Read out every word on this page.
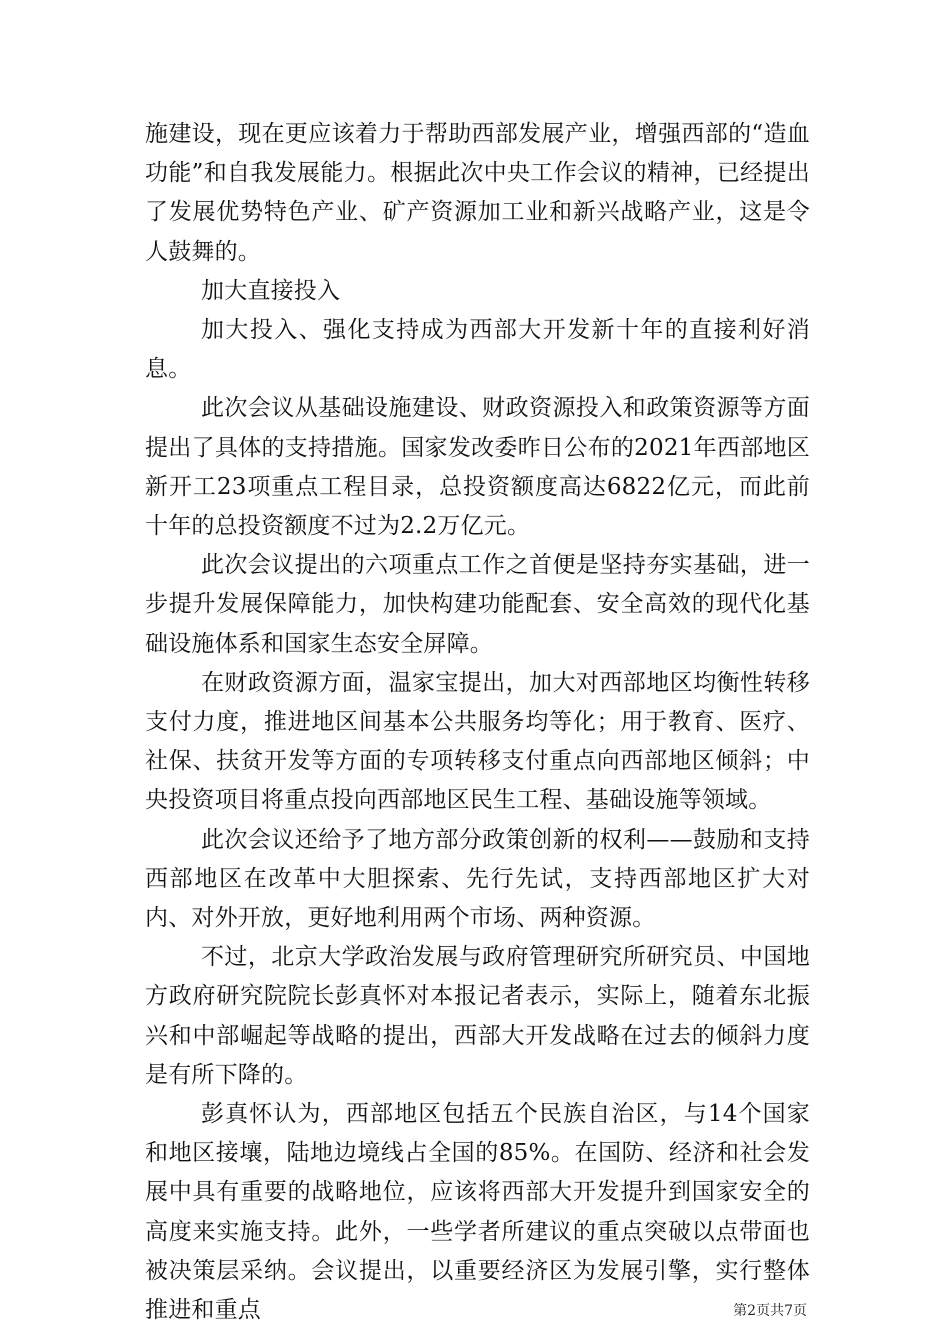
施建设，现在更应该着力于帮助西部发展产业，增强西部的“造血功能”和自我发展能力。根据此次中央工作会议的精神，已经提出了发展优势特色产业、矿产资源加工业和新兴战略产业，这是令人鼓舞的。

加大直接投入

加大投入、强化支持成为西部大开发新十年的直接利好消息。

此次会议从基础设施建设、财政资源投入和政策资源等方面提出了具体的支持措施。国家发改委昨日公布的2021年西部地区新开工23项重点工程目录，总投资额度高达6822亿元，而此前十年的总投资额度不过为2.2万亿元。

此次会议提出的六项重点工作之首便是坚持夯实基础，进一步提升发展保障能力，加快构建功能配套、安全高效的现代化基础设施体系和国家生态安全屏障。

在财政资源方面，温家宝提出，加大对西部地区均衡性转移支付力度，推进地区间基本公共服务均等化；用于教育、医疗、社保、扶贫开发等方面的专项转移支付重点向西部地区倾斜；中央投资项目将重点投向西部地区民生工程、基础设施等领域。

此次会议还给予了地方部分政策创新的权利——鼓励和支持西部地区在改革中大胆探索、先行先试，支持西部地区扩大对内、对外开放，更好地利用两个市场、两种资源。

不过，北京大学政治发展与政府管理研究所研究员、中国地方政府研究院院长彭真怀对本报记者表示，实际上，随着东北振兴和中部崛起等战略的提出，西部大开发战略在过去的倾斜力度是有所下降的。

彭真怀认为，西部地区包括五个民族自治区，与14个国家和地区接壤，陆地边境线占全国的85%。在国防、经济和社会发展中具有重要的战略地位，应该将西部大开发提升到国家安全的高度来实施支持。此外，一些学者所建议的重点突破以点带面也被决策层采纳。会议提出，以重要经济区为发展引擎，实行整体推进和重点	第2页共7页
